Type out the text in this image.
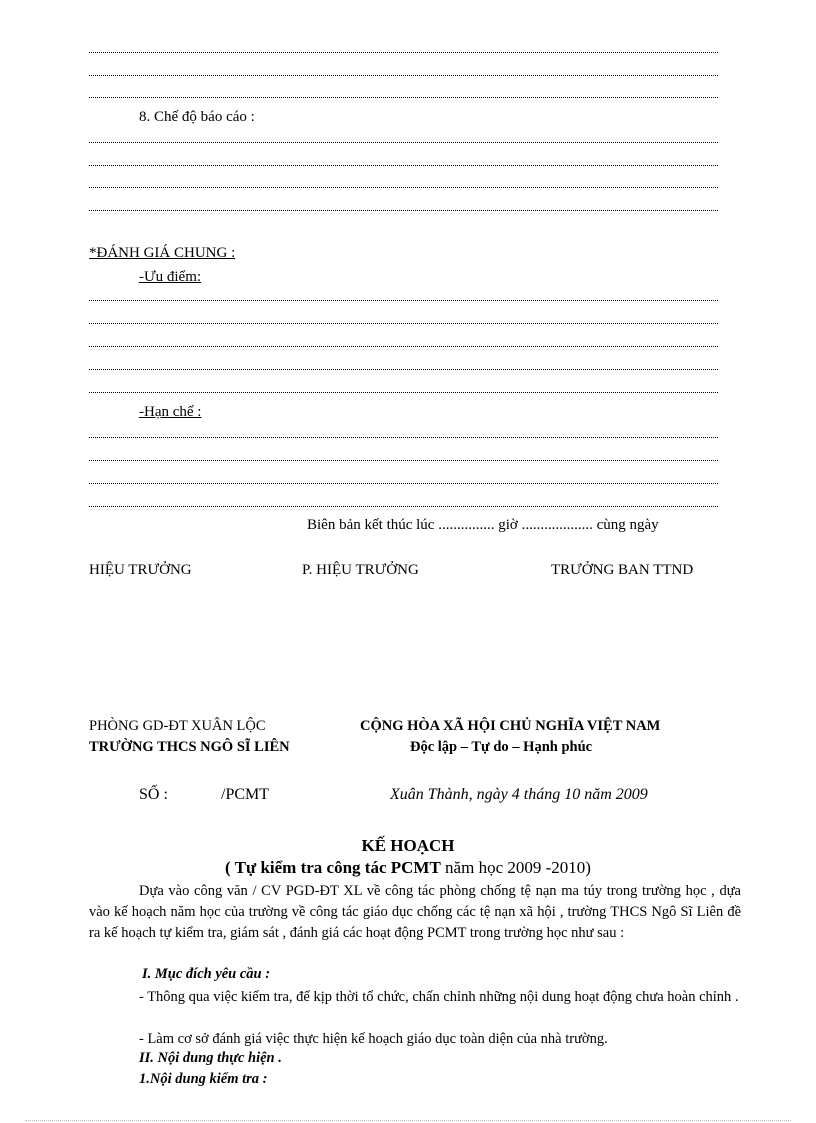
8. Chế độ báo cáo :
*ĐÁNH GIÁ CHUNG :
-Ưu điểm:
-Hạn chế :
Biên bản kết thúc lúc ............... giờ ................... cùng ngày
HIỆU TRƯỞNG	P. HIỆU TRƯỞNG	TRƯỞNG BAN TTND
PHÒNG GD-ĐT XUÂN LỘC
TRƯỜNG THCS NGÔ SĨ LIÊN
CỘNG HÒA XÃ HỘI CHỦ NGHĨA VIỆT NAM
Độc lập – Tự do – Hạnh phúc
SỐ :	/PCMT	Xuân Thành, ngày 4 tháng 10 năm 2009
KẾ HOẠCH
( Tự kiểm tra công tác PCMT năm học 2009 -2010)
Dựa vào công văn / CV PGD-ĐT XL về công tác phòng chống tệ nạn ma túy trong trường học , dựa vào kế hoạch năm học của trường về công tác giáo dục chống các tệ nạn xã hội , trường THCS Ngô Sĩ Liên đề ra kế hoạch tự kiểm tra, giám sát , đánh giá các hoạt động PCMT trong trường học như sau :
I. Mục đích yêu cầu :
- Thông qua việc kiểm tra, để kịp thời tổ chức, chấn chỉnh những nội dung hoạt động chưa hoàn chỉnh .
- Làm cơ sở đánh giá việc thực hiện kế hoạch giáo dục toàn diện của nhà trường.
II. Nội dung thực hiện .
1.Nội dung kiểm tra :
